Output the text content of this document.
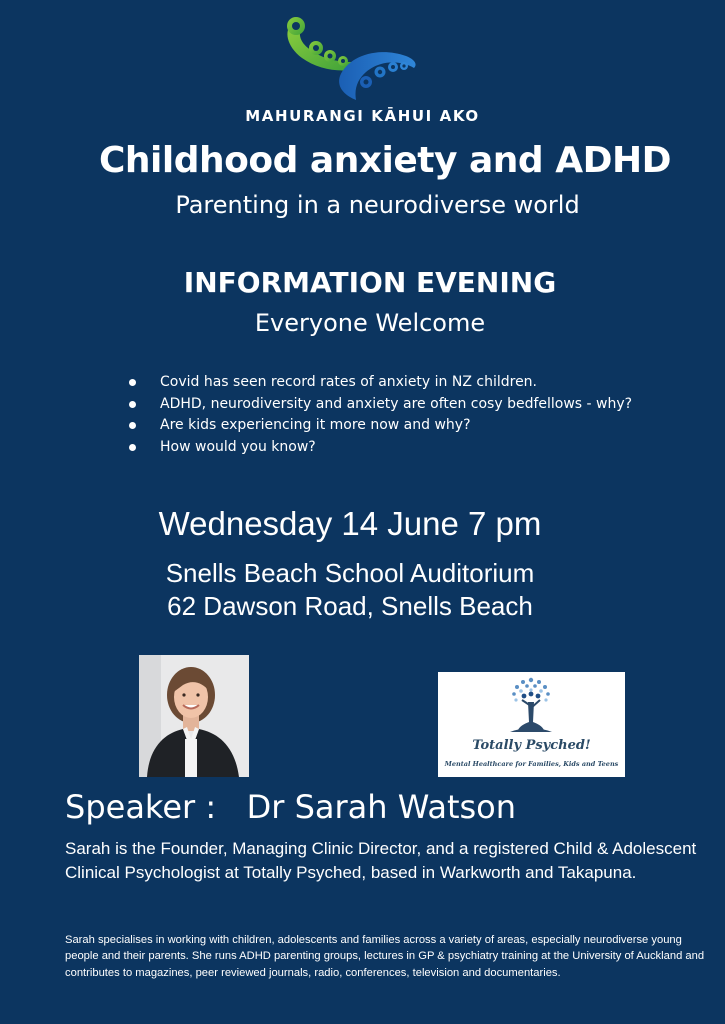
MAHURANGI KĀHUI AKO
Childhood anxiety and ADHD
Parenting in a neurodiverse world
INFORMATION EVENING
Everyone Welcome
Covid has seen record rates of anxiety in NZ children.
ADHD, neurodiversity and anxiety are often cosy bedfellows - why?
Are kids experiencing it more now and why?
How would you know?
Wednesday 14 June 7 pm
Snells Beach School Auditorium
62 Dawson Road, Snells Beach
Totally Psyched!
Mental Healthcare for Families, Kids and Teens
Speaker :   Dr Sarah Watson

Sarah is the Founder, Managing Clinic Director, and a registered Child & Adolescent Clinical Psychologist at Totally Psyched, based in Warkworth and Takapuna.

Sarah specialises in working with children, adolescents and families across a variety of areas, especially neurodiverse young people and their parents. She runs ADHD parenting groups, lectures in GP & psychiatry training at the University of Auckland and contributes to magazines, peer reviewed journals, radio, conferences, television and documentaries.
